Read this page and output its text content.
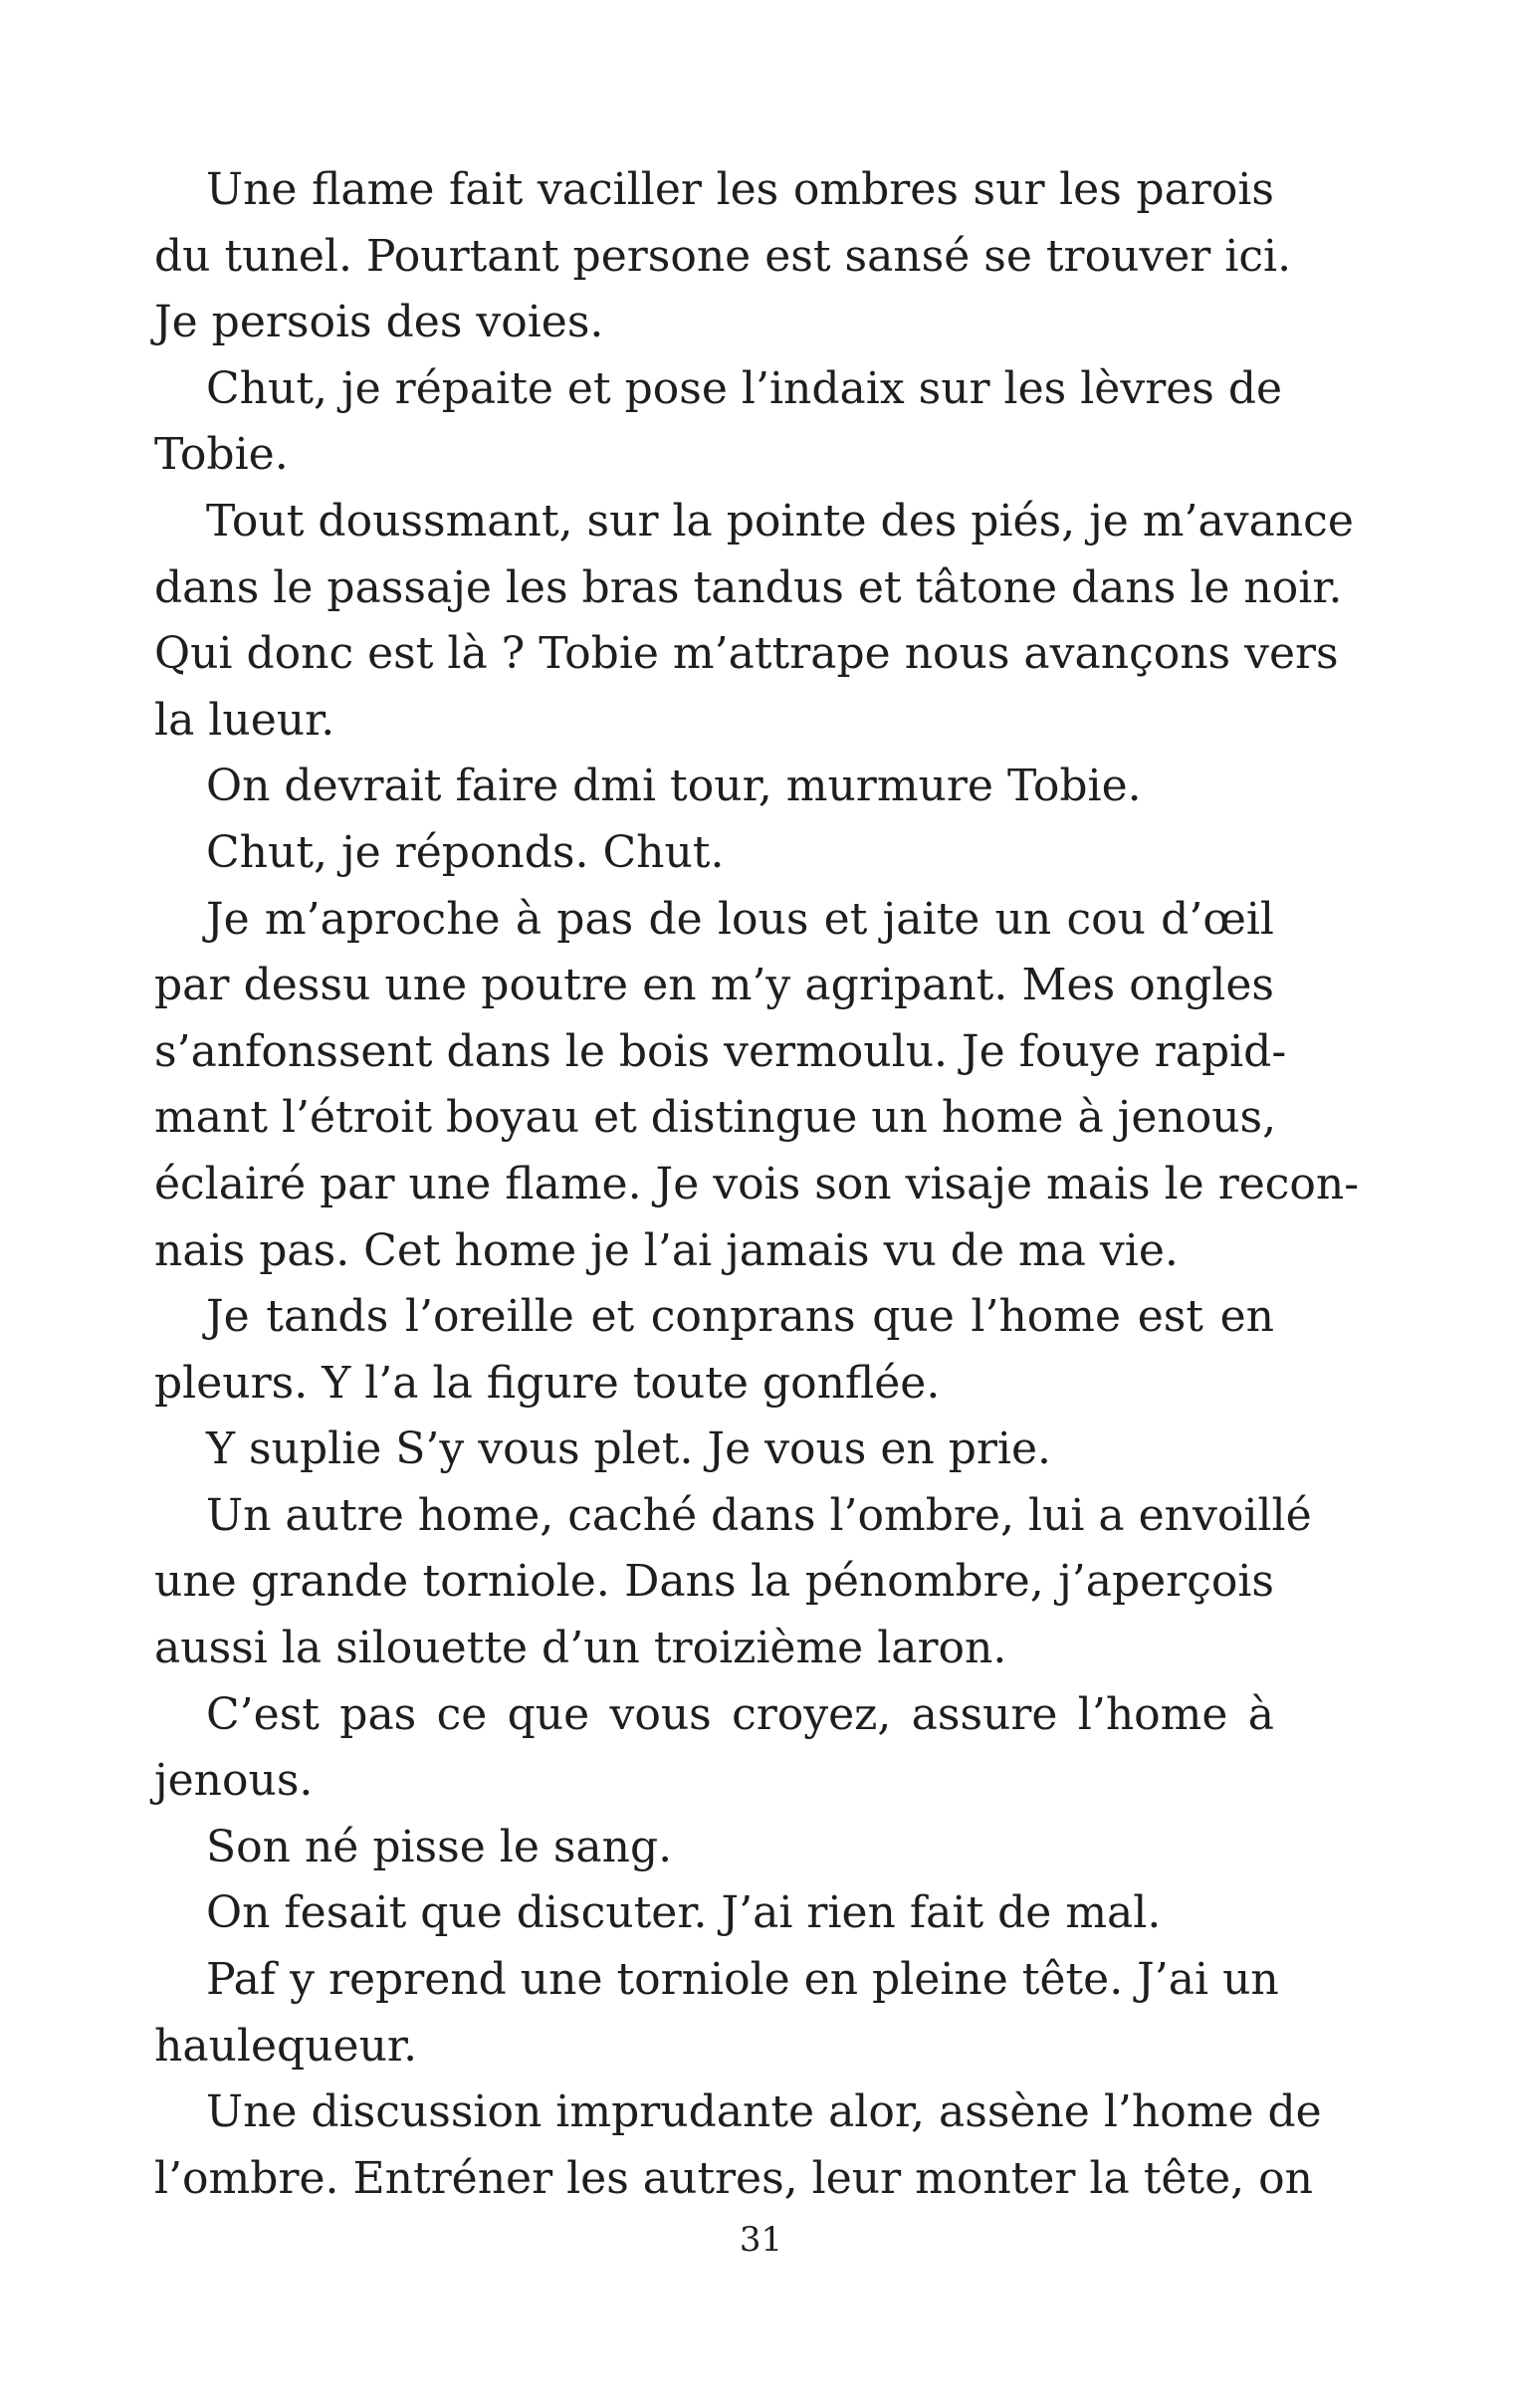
Une flame fait vaciller les ombres sur les parois
du tunel. Pourtant persone est sansé se trouver ici.
Je persois des voies.
Chut, je répaite et pose l’indaix sur les lèvres de
Tobie.
Tout doussmant, sur la pointe des piés, je m’avance
dans le passaje les bras tandus et tâtone dans le noir.
Qui donc est là ? Tobie m’attrape nous avançons vers
la lueur.
On devrait faire dmi tour, murmure Tobie.
Chut, je réponds. Chut.
Je m’aproche à pas de lous et jaite un cou d’œil
par dessu une poutre en m’y agripant. Mes ongles
s’anfonssent dans le bois vermoulu. Je fouye rapid-
mant l’étroit boyau et distingue un home à jenous,
éclairé par une flame. Je vois son visaje mais le recon-
nais pas. Cet home je l’ai jamais vu de ma vie.
Je tands l’oreille et conprans que l’home est en
pleurs. Y l’a la figure toute gonflée.
Y suplie S’y vous plet. Je vous en prie.
Un autre home, caché dans l’ombre, lui a envoillé
une grande torniole. Dans la pénombre, j’aperçois
aussi la silouette d’un troizième laron.
C’est pas ce que vous croyez, assure l’home à
jenous.
Son né pisse le sang.
On fesait que discuter. J’ai rien fait de mal.
Paf y reprend une torniole en pleine tête. J’ai un
haulequeur.
Une discussion imprudante alor, assène l’home de
l’ombre. Entréner les autres, leur monter la tête, on
31
